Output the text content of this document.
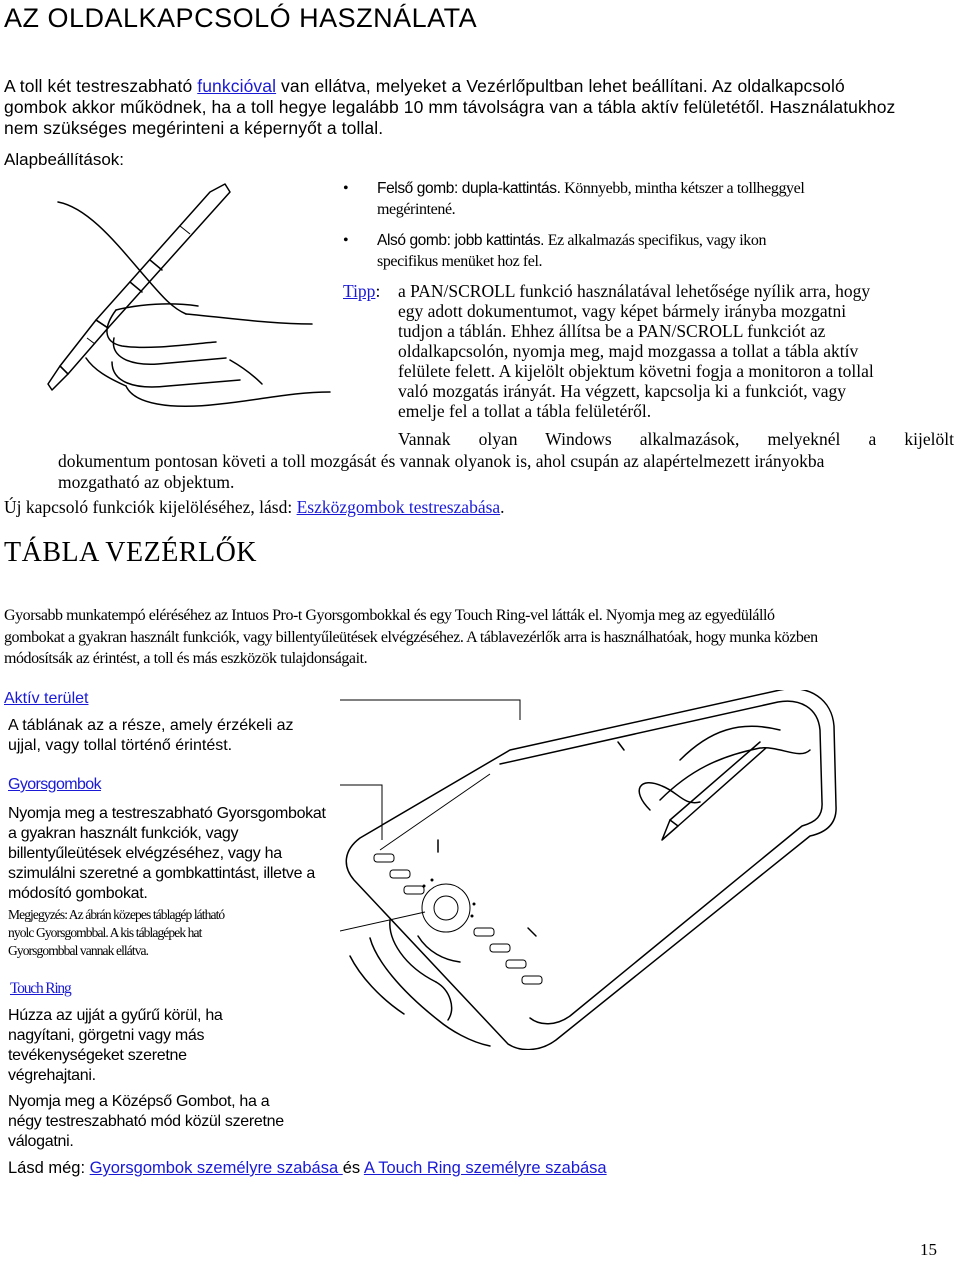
AZ OLDALKAPCSOLÓ HASZNÁLATA
A toll két testreszabható funkcióval van ellátva, melyeket a Vezérlőpultban lehet beállítani. Az oldalkapcsoló
gombok akkor működnek, ha a toll hegye legalább 10 mm távolságra van a tábla aktív felületétől. Használatukhoz
nem szükséges megérinteni a képernyőt a tollal.
Alapbeállítások:
• Felső gomb: dupla-kattintás. Könnyebb, mintha kétszer a tollheggyel
megérintené.
• Alsó gomb: jobb kattintás. Ez alkalmazás specifikus, vagy ikon
specifikus menüket hoz fel.
Tipp: a PAN/SCROLL funkció használatával lehetősége nyílik arra, hogy
egy adott dokumentumot, vagy képet bármely irányba mozgatni
tudjon a táblán. Ehhez állítsa be a PAN/SCROLL funkciót az
oldalkapcsolón, nyomja meg, majd mozgassa a tollat a tábla aktív
felülete felett. A kijelölt objektum követni fogja a monitoron a tollal
való mozgatás irányát. Ha végzett, kapcsolja ki a funkciót, vagy
emelje fel a tollat a tábla felületéről.
Vannak olyan Windows alkalmazások, melyeknél a kijelölt
dokumentum pontosan követi a toll mozgását és vannak olyanok is, ahol csupán az alapértelmezett irányokba
mozgatható az objektum.
Új kapcsoló funkciók kijelöléséhez, lásd: Eszközgombok testreszabása.
TÁBLA VEZÉRLŐK
Gyorsabb munkatempó eléréséhez az Intuos Pro-t Gyorsgombokkal és egy Touch Ring-vel látták el. Nyomja meg az egyedülálló
gombokat a gyakran használt funkciók, vagy billentyűleütések elvégzéséhez. A táblavezérlők arra is használhatóak, hogy munka közben
módosítsák az érintést, a toll és más eszközök tulajdonságait.
Aktív terület
A táblának az a része, amely érzékeli az
ujjal, vagy tollal történő érintést.
Gyorsgombok
Nyomja meg a testreszabható Gyorsgombokat
a gyakran használt funkciók, vagy
billentyűleütések elvégzéséhez, vagy ha
szimulálni szeretné a gombkattintást, illetve a
módosító gombokat.
Megjegyzés: Az ábrán közepes táblagép látható
nyolc Gyorsgombbal. A kis táblagépek hat
Gyorsgombbal vannak ellátva.
Touch Ring
Húzza az ujját a gyűrű körül, ha
nagyítani, görgetni vagy más
tevékenységeket szeretne
végrehajtani.
Nyomja meg a Középső Gombot, ha a
négy testreszabható mód közül szeretne
válogatni.
Lásd még: Gyorsgombok személyre szabása és A Touch Ring személyre szabása
15
